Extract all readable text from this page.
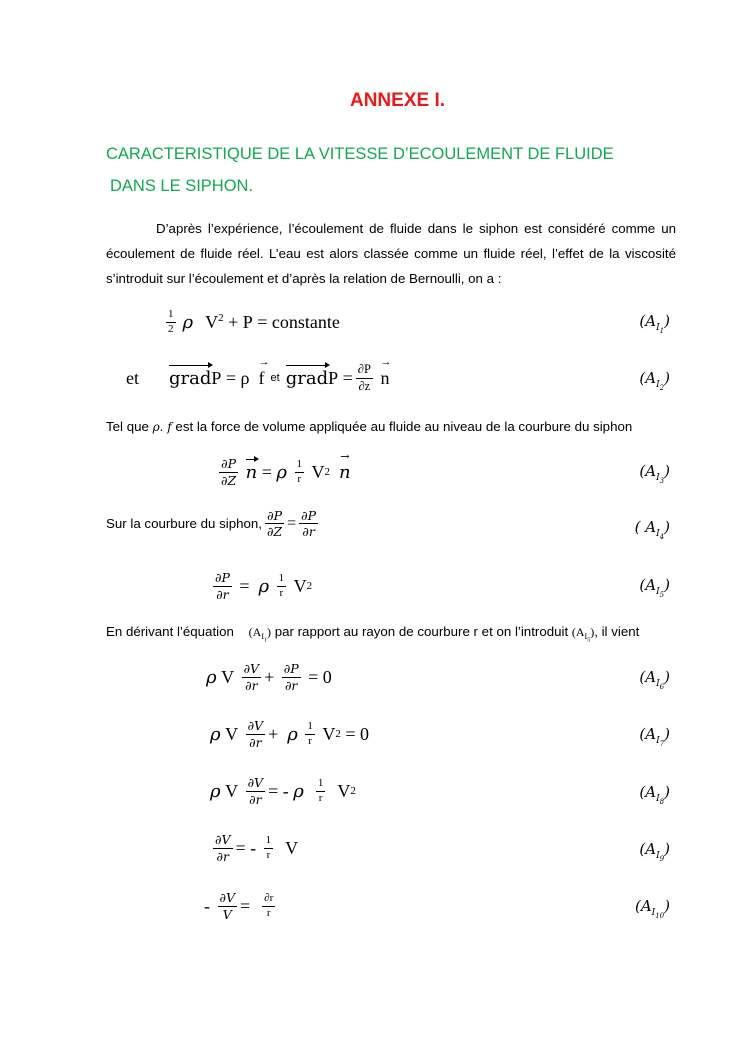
ANNEXE I.
CARACTERISTIQUE DE LA VITESSE D’ECOULEMENT DE FLUIDE
DANS LE SIPHON.

D’après l’expérience, l’écoulement de fluide dans le siphon est considéré comme un écoulement de fluide réel. L’eau est alors classée comme un fluide réel, l’effet de la viscosité s’introduit sur l’écoulement et d’après la relation de Bernoulli, on a :

$\frac{1}{2}$ ρ $V^2 + P$ = constante	$(A_{I_1})$
et grad P = ρ → f et grad $P = \frac{\partial P}{\partial z}$
→ n	$(A_{I_2})$
Tel que ρ. f est la force de volume appliquée au fluide au niveau de la courbure du siphon
$\frac{\partial P}{\partial Z}$
n = ρ
$\frac{1}{r}$ V 2
→ n	$(A_{I_3})$
Sur la courbure du siphon, $\frac{\partial P}{\partial Z} = \frac{\partial P}{\partial r}$	( $A_{I_4}$)
$\frac{\partial P}{\partial r} = \rho$
$\frac{1}{r}$ V 2	$(A_{I_5})$
En dérivant l’équation $(A_{I_1})$ par rapport au rayon de courbure r et on l’introduit $(A_{I_5})$, il vient
ρ V $\frac{\partial V}{\partial r} + \frac{\partial P}{\partial r} = 0$	$(A_{I_6})$
ρ V $\frac{\partial V}{\partial r} + \rho$
$\frac{1}{r}$ V 2 = 0	$(A_{I_7})$
ρ V $\frac{\partial V}{\partial r}$ = - ρ
$\frac{1}{r}$ V 2	$(A_{I_8})$
$\frac{\partial V}{\partial r}$ = - $\frac{1}{r}$ V	$(A_{I_9})$
- $\frac{\partial V}{V} = \frac{\partial r}{r}$	$(A_{I_{10}})$
